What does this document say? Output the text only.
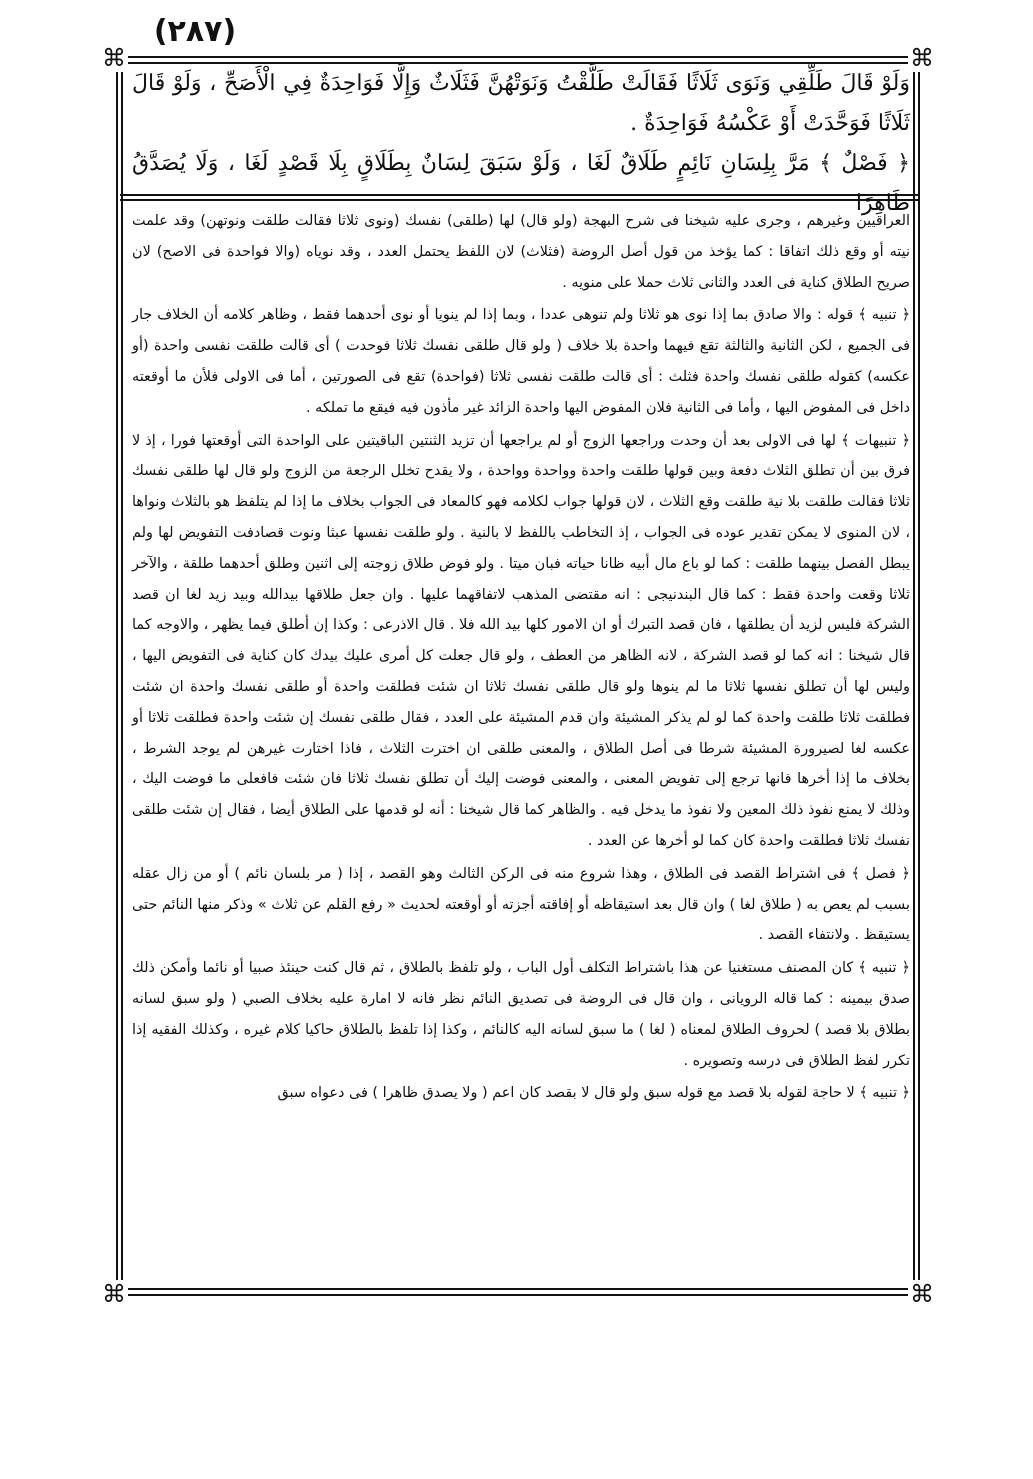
(٢٨٧)
⌘	⌘
⌘	⌘

وَلَوْ قَالَ طَلِّقِي وَنَوَى ثَلَاثًا فَقَالَتْ طَلَّقْتُ وَنَوَتْهُنَّ فَثَلَاثٌ وَإِلَّا فَوَاحِدَةٌ فِي الْأَصَحِّ ، وَلَوْ قَالَ ثَلَاثًا فَوَحَّدَتْ أَوْ عَكْسُهُ فَوَاحِدَةٌ .

﴿ فَصْلٌ ﴾ مَرَّ بِلِسَانِ نَائِمٍ طَلَاقٌ لَغَا ، وَلَوْ سَبَقَ لِسَانٌ بِطَلَاقٍ بِلَا قَصْدٍ لَغَا ، وَلَا يُصَدَّقُ ظَاهِرًا

العراقيين وغيرهم ، وجرى عليه شيخنا فى شرح البهجة (ولو قال) لها (طلقى) نفسك (ونوى ثلاثا فقالت طلقت ونوتهن) وقد علمت نيته أو وقع ذلك اتفاقا : كما يؤخذ من قول أصل الروضة (فثلاث) لان اللفظ يحتمل العدد ، وقد نوياه (والا فواحدة فى الاصح) لان صريح الطلاق كناية فى العدد والثانى ثلاث حملا على منويه .

﴿ تنبيه ﴾ قوله : والا صادق بما إذا نوى هو ثلاثا ولم تنوهى عددا ، وبما إذا لم ينويا أو نوى أحدهما فقط ، وظاهر كلامه أن الخلاف جار فى الجميع ، لكن الثانية والثالثة تقع فيهما واحدة بلا خلاف ( ولو قال طلقى نفسك ثلاثا فوحدت ) أى قالت طلقت نفسى واحدة (أو عكسه) كقوله طلقى نفسك واحدة فثلث : أى قالت طلقت نفسى ثلاثا (فواحدة) تقع فى الصورتين ، أما فى الاولى فلأن ما أوقعته داخل فى المفوض اليها ، وأما فى الثانية فلان المفوض اليها واحدة الزائد غير مأذون فيه فيقع ما تملكه .

﴿ تنبيهات ﴾ لها فى الاولى بعد أن وحدت وراجعها الزوج أو لم يراجعها أن تزيد الثنتين الباقيتين على الواحدة التى أوقعتها فورا ، إذ لا فرق بين أن تطلق الثلاث دفعة وبين قولها طلقت واحدة وواحدة وواحدة ، ولا يقدح تخلل الرجعة من الزوج ولو قال لها طلقى نفسك ثلاثا فقالت طلقت بلا نية طلقت وقع الثلاث ، لان قولها جواب لكلامه فهو كالمعاد فى الجواب بخلاف ما إذا لم يتلفظ هو بالثلاث ونواها ، لان المنوى لا يمكن تقدير عوده فى الجواب ، إذ التخاطب باللفظ لا بالنية . ولو طلقت نفسها عبثا ونوت قصادفت التفويض لها ولم يبطل الفصل بينهما طلقت : كما لو باع مال أبيه ظانا حياته فبان ميتا . ولو فوض طلاق زوجته إلى اثنين وطلق أحدهما طلقة ، والآخر ثلاثا وقعت واحدة فقط : كما قال البندنيجى : انه مقتضى المذهب لاتفاقهما عليها . وان جعل طلاقها بيدالله وبيد زيد لغا ان قصد الشركة فليس لزيد أن يطلقها ، فان قصد التبرك أو ان الامور كلها بيد الله فلا . قال الاذرعى : وكذا إن أطلق فيما يظهر ، والاوجه كما قال شيخنا : انه كما لو قصد الشركة ، لانه الظاهر من العطف ، ولو قال جعلت كل أمرى عليك بيدك كان كناية فى التفويض اليها ، وليس لها أن تطلق نفسها ثلاثا ما لم ينوها ولو قال طلقى نفسك ثلاثا ان شئت فطلقت واحدة أو طلقى نفسك واحدة ان شئت فطلقت ثلاثا طلقت واحدة كما لو لم يذكر المشيئة وان قدم المشيئة على العدد ، فقال طلقى نفسك إن شئت واحدة فطلقت ثلاثا أو عكسه لغا لصيرورة المشيئة شرطا فى أصل الطلاق ، والمعنى طلقى ان اخترت الثلاث ، فاذا اختارت غيرهن لم يوجد الشرط ، بخلاف ما إذا أخرها فانها ترجع إلى تفويض المعنى ، والمعنى فوضت إليك أن تطلق نفسك ثلاثا فان شئت فافعلى ما فوضت اليك ، وذلك لا يمنع نفوذ ذلك المعين ولا نفوذ ما يدخل فيه . والظاهر كما قال شيخنا : أنه لو قدمها على الطلاق أيضا ، فقال إن شئت طلقى نفسك ثلاثا فطلقت واحدة كان كما لو أخرها عن العدد .

﴿ فصل ﴾ فى اشتراط القصد فى الطلاق ، وهذا شروع منه فى الركن الثالث وهو القصد ، إذا ( مر بلسان نائم ) أو من زال عقله بسبب لم يعص به ( طلاق لغا ) وان قال بعد استيقاظه أو إفاقته أجزته أو أوقعته لحديث « رفع القلم عن ثلاث » وذكر منها النائم حتى يستيقظ . ولانتفاء القصد .

﴿ تنبيه ﴾ كان المصنف مستغنيا عن هذا باشتراط التكلف أول الباب ، ولو تلفظ بالطلاق ، ثم قال كنت حينئذ صبيا أو نائما وأمكن ذلك صدق بيمينه : كما قاله الرويانى ، وان قال فى الروضة فى تصديق النائم نظر فانه لا امارة عليه بخلاف الصبي ( ولو سبق لسانه بطلاق بلا قصد ) لحروف الطلاق لمعناه ( لغا ) ما سبق لسانه اليه كالنائم ، وكذا إذا تلفظ بالطلاق حاكيا كلام غيره ، وكذلك الفقيه إذا تكرر لفظ الطلاق فى درسه وتصويره .

﴿ تنبيه ﴾ لا حاجة لقوله بلا قصد مع قوله سبق ولو قال لا بقصد كان اعم ( ولا يصدق ظاهرا ) فى دعواه سبق
